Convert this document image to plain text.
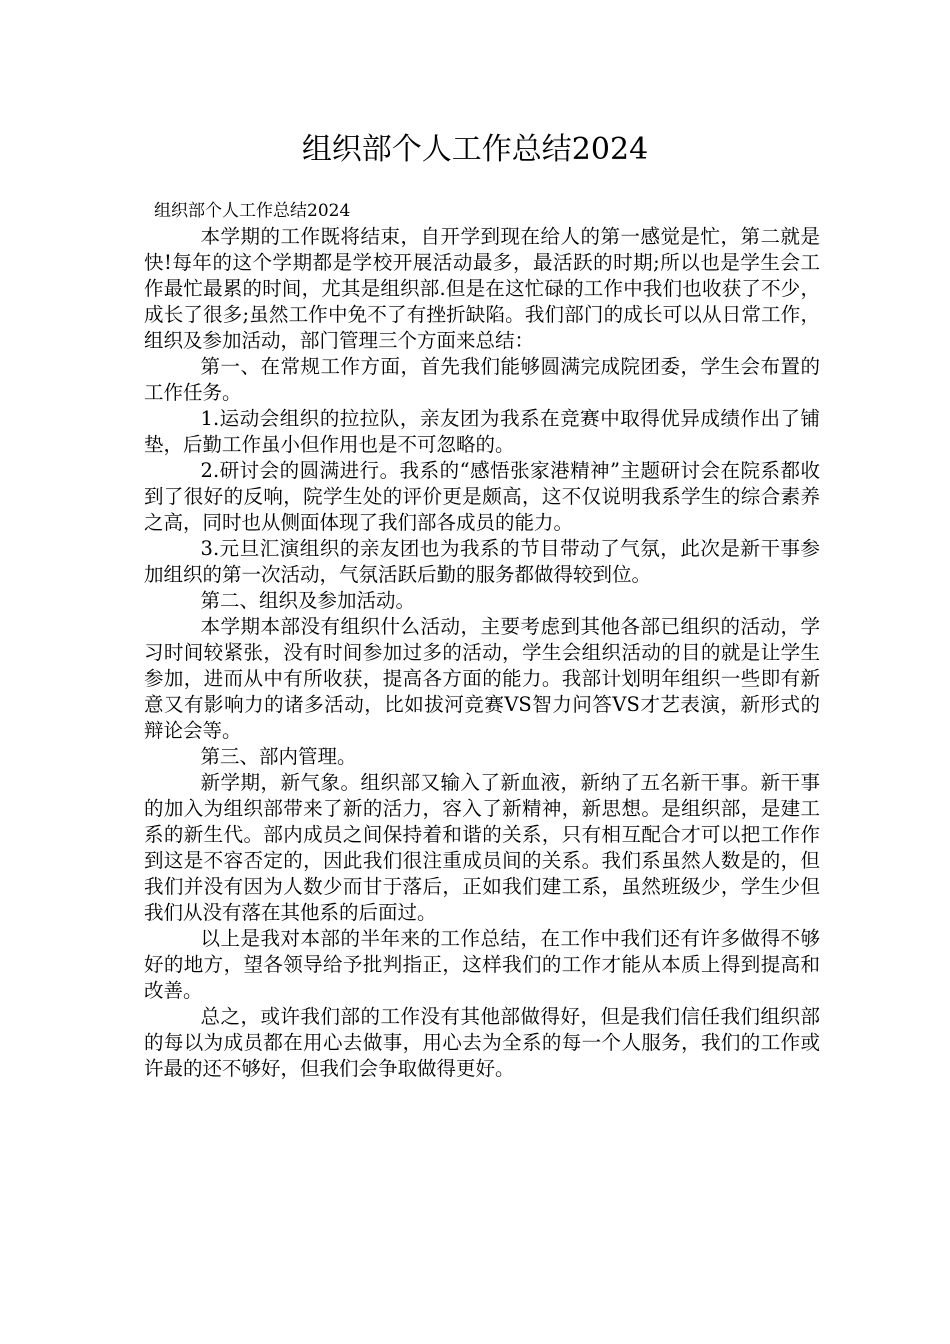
组织部个人工作总结2024

组织部个人工作总结2024

本学期的工作既将结束，自开学到现在给人的第一感觉是忙，第二就是快!每年的这个学期都是学校开展活动最多，最活跃的时期;所以也是学生会工作最忙最累的时间，尤其是组织部.但是在这忙碌的工作中我们也收获了不少，成长了很多;虽然工作中免不了有挫折缺陷。我们部门的成长可以从日常工作，组织及参加活动，部门管理三个方面来总结：

第一、在常规工作方面，首先我们能够圆满完成院团委，学生会布置的工作任务。

1.运动会组织的拉拉队，亲友团为我系在竞赛中取得优异成绩作出了铺垫，后勤工作虽小但作用也是不可忽略的。

2.研讨会的圆满进行。我系的“感悟张家港精神”主题研讨会在院系都收到了很好的反响，院学生处的评价更是颇高，这不仅说明我系学生的综合素养之高，同时也从侧面体现了我们部各成员的能力。

3.元旦汇演组织的亲友团也为我系的节目带动了气氛，此次是新干事参加组织的第一次活动，气氛活跃后勤的服务都做得较到位。

第二、组织及参加活动。

本学期本部没有组织什么活动，主要考虑到其他各部已组织的活动，学习时间较紧张，没有时间参加过多的活动，学生会组织活动的目的就是让学生参加，进而从中有所收获，提高各方面的能力。我部计划明年组织一些即有新意又有影响力的诸多活动，比如拔河竞赛VS智力问答VS才艺表演，新形式的辩论会等。

第三、部内管理。

新学期，新气象。组织部又输入了新血液，新纳了五名新干事。新干事的加入为组织部带来了新的活力，容入了新精神，新思想。是组织部，是建工系的新生代。部内成员之间保持着和谐的关系，只有相互配合才可以把工作作到这是不容否定的，因此我们很注重成员间的关系。我们系虽然人数是的，但我们并没有因为人数少而甘于落后，正如我们建工系，虽然班级少，学生少但我们从没有落在其他系的后面过。

以上是我对本部的半年来的工作总结，在工作中我们还有许多做得不够好的地方，望各领导给予批判指正，这样我们的工作才能从本质上得到提高和改善。

总之，或许我们部的工作没有其他部做得好，但是我们信任我们组织部的每以为成员都在用心去做事，用心去为全系的每一个人服务，我们的工作或许最的还不够好，但我们会争取做得更好。
